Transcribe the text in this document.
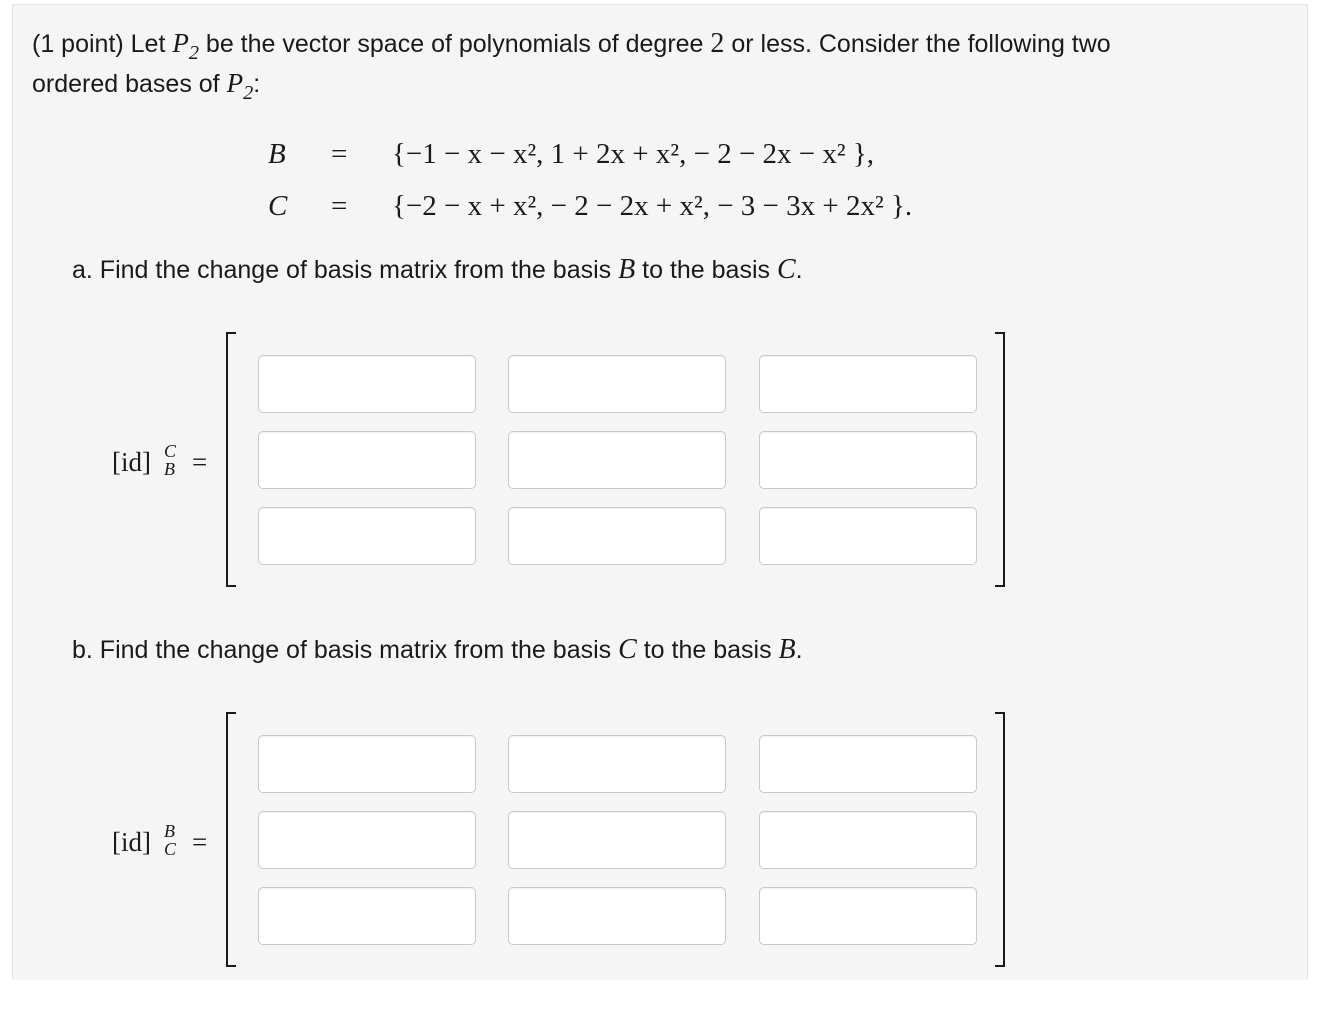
(1 point) Let $P_2$ be the vector space of polynomials of degree 2 or less. Consider the following two
ordered bases of $P_2$:
B = {−1 − x − x², 1 + 2x + x², − 2 − 2x − x² },
C = {−2 − x + x², − 2 − 2x + x², − 3 − 3x + 2x² }.
a. Find the change of basis matrix from the basis B to the basis C.
[id] C
B =
b. Find the change of basis matrix from the basis C to the basis B.
[id] B
C =
